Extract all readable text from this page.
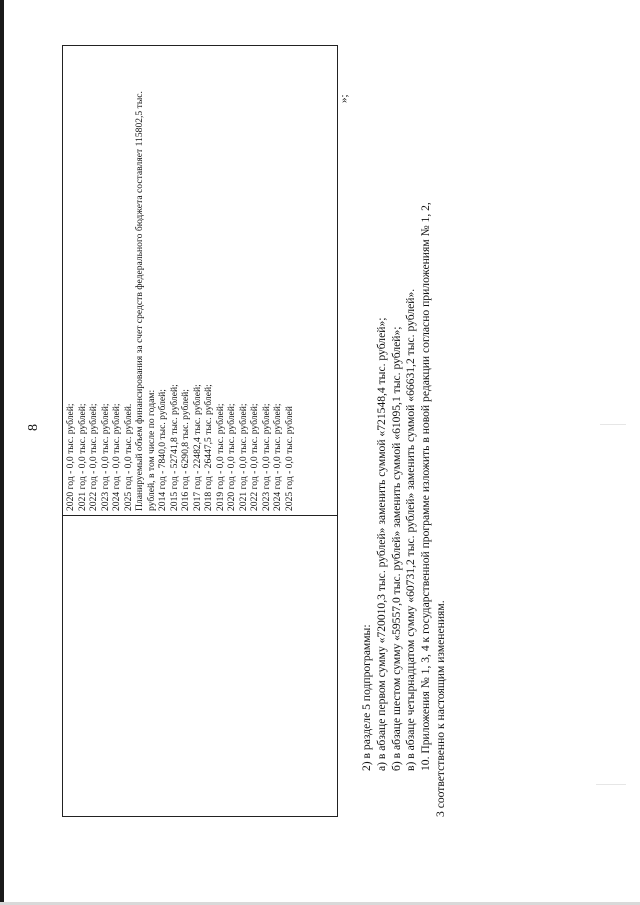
8	2020 год - 0,0 тыс. рублей; 2021 год - 0,0 тыс. рублей; 2022 год - 0,0 тыс. рублей; 2023 год - 0,0 тыс. рублей; 2024 год - 0,0 тыс. рублей; 2025 год - 0,0 тыс. рублей. Планируемый объем финансирования за счет средств федерального бюджета составляет 115802,5 тыс. рублей, в том числе по годам: 2014 год - 7840,0 тыс. рублей; 2015 год - 52741,8 тыс. рублей; 2016 год - 6290,8 тыс. рублей; 2017 год - 22482,4 тыс. рублей; 2018 год - 26447,5 тыс. рублей; 2019 год - 0,0 тыс. рублей; 2020 год - 0,0 тыс. рублей; 2021 год - 0,0 тыс. рублей; 2022 год - 0,0 тыс. рублей; 2023 год - 0,0 тыс. рублей; 2024 год - 0,0 тыс. рублей; 2025 год - 0,0 тыс. рублей
»;

2) в разделе 5 подпрограммы: а) в абзаце первом сумму «720010,3 тыс. рублей» заменить суммой «721548,4 тыс. рублей»; б) в абзаце шестом сумму «59557,0 тыс. рублей» заменить суммой «61095,1 тыс. рублей»; в) в абзаце четырнадцатом сумму «60731,2 тыс. рублей» заменить суммой «66631,2 тыс. рублей». 10. Приложения № 1, 3, 4 к государственной программе изложить в новой редакции согласно приложениям № 1, 2, 3 соответственно к настоящим изменениям.
